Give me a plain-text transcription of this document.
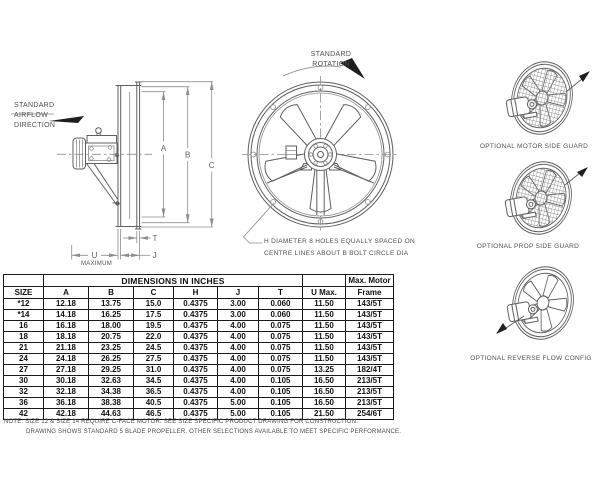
A
B
C
T
U	J
STANDARD
AIRFLOW
DIRECTION
MAXIMUM
STANDARD
ROTATION
H DIAMETER 8 HOLES EQUALLY SPACED ON
CENTRE LINES ABOUT B BOLT CIRCLE DIA
OPTIONAL MOTOR SIDE GUARD
OPTIONAL PROP SIDE GUARD
OPTIONAL REVERSE FLOW CONFIG
	DIMENSIONS IN INCHES							Max. Motor
SIZE	A	B	C	H	J	T	U Max.	Frame
*12	12.18	13.75	15.0	0.4375	3.00	0.060	11.50	143/5T
*14	14.18	16.25	17.5	0.4375	3.00	0.060	11.50	143/5T
16	16.18	18.00	19.5	0.4375	4.00	0.075	11.50	143/5T
18	18.18	20.75	22.0	0.4375	4.00	0.075	11.50	143/5T
21	21.18	23.25	24.5	0.4375	4.00	0.075	11.50	143/5T
24	24.18	26.25	27.5	0.4375	4.00	0.075	11.50	143/5T
27	27.18	29.25	31.0	0.4375	4.00	0.075	13.25	182/4T
30	30.18	32.63	34.5	0.4375	4.00	0.105	16.50	213/5T
32	32.18	34.38	36.5	0.4375	4.00	0.105	16.50	213/5T
36	36.18	38.38	40.5	0.4375	5.00	0.105	16.50	213/5T
42	42.18	44.63	46.5	0.4375	5.00	0.105	21.50	254/6T
NOTE: SIZE 12 & SIZE 14 REQUIRE C-FACE MOTOR. SEE SIZE SPECIFIC PRODUCT DRAWING FOR CONSTRUCTION.
DRAWING SHOWS STANDARD 5 BLADE PROPELLER. OTHER SELECTIONS AVAILABLE TO MEET SPECIFIC PERFORMANCE.
